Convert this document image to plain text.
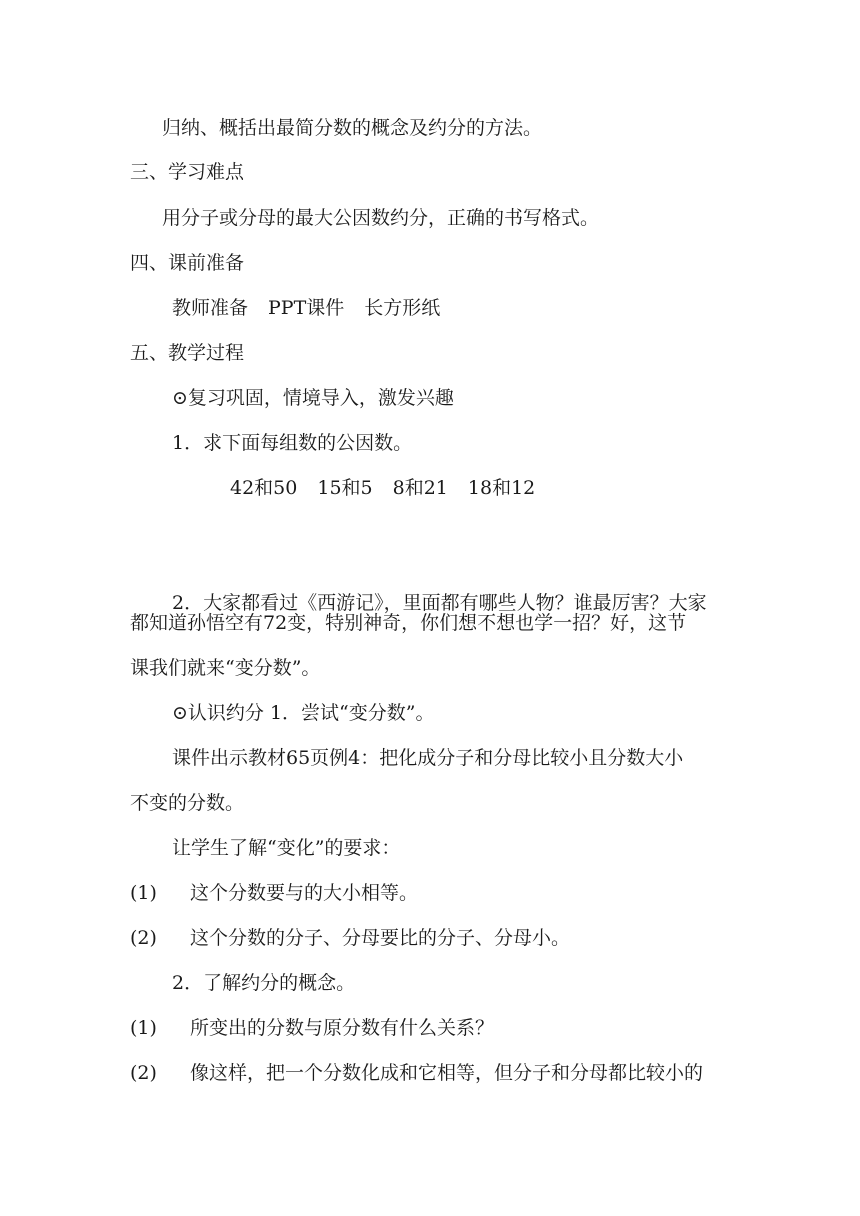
归纳、概括出最简分数的概念及约分的方法。
三、学习难点
用分子或分母的最大公因数约分，正确的书写格式。
四、课前准备
教师准备 PPT课件 长方形纸
五、教学过程
⊙复习巩固，情境导入，激发兴趣
1．求下面每组数的公因数。
42和50 15和5 8和21 18和12
2．大家都看过《西游记》，里面都有哪些人物？谁最厉害？大家
都知道孙悟空有72变，特别神奇，你们想不想也学一招？好，这节
课我们就来“变分数”。
⊙认识约分 1．尝试“变分数”。
课件出示教材65页例4：把化成分子和分母比较小且分数大小
不变的分数。
让学生了解“变化”的要求：
(1) 这个分数要与的大小相等。
(2) 这个分数的分子、分母要比的分子、分母小。
2．了解约分的概念。
(1) 所变出的分数与原分数有什么关系？
(2) 像这样，把一个分数化成和它相等，但分子和分母都比较小的
